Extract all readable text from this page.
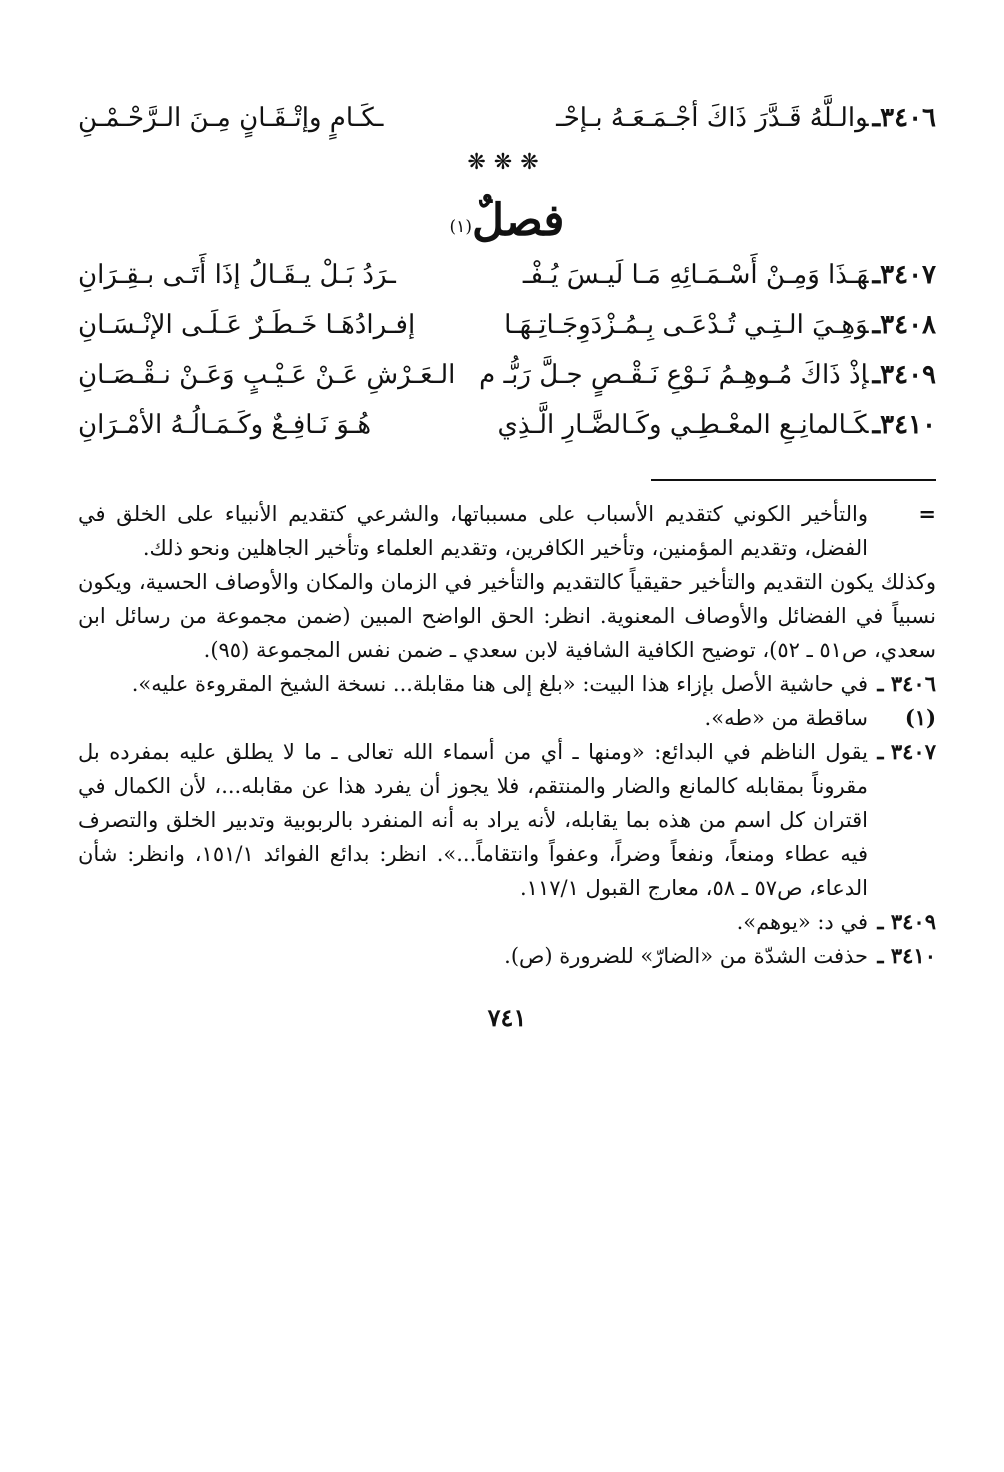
٣٤٠٦ـوالـلَّهُ قَـدَّرَ ذَاكَ أجْـمَـعَـهُ بـإحْـ
ـكَـامٍ وإتْـقَـانٍ مِـنَ الـرَّحْـمْـنِ
❋❋❋
فصلٌ$^{(١)}$
٣٤٠٧ـهَـذَا وَمِـنْ أَسْـمَـائِهِ مَـا لَيـسَ يُـفْـ
ـرَدُ بَـلْ يـقَـالُ إذَا أَتَـى بـقِـرَانِ
٣٤٠٨ـوَهِـيَ الـتِـي تُـدْعَـى بِـمُـزْدَوِجَـاتِـهَـا
إفـرادُهَـا خَـطَـرٌ عَـلَـى الإنْـسَـانِ
٣٤٠٩ـإذْ ذَاكَ مُـوهِـمُ نَـوْعِ نَـقْـصٍ جـلَّ رَبُّـ م
الـعَـرْشِ عَـنْ عَـيْـبٍ وَعَـنْ نـقْـصَـانِ
٣٤١٠ـكَـالمانِـعِ المعْـطِـي وكَـالضَّـارِ الَّـذِي
هُـوَ نَـافِـعٌ وكَـمَـالُـهُ الأمْـرَانِ
=
والتأخير الكوني كتقديم الأسباب على مسبباتها، والشرعي كتقديم الأنبياء على الخلق في الفضل، وتقديم المؤمنين، وتأخير الكافرين، وتقديم العلماء وتأخير الجاهلين ونحو ذلك.
وكذلك يكون التقديم والتأخير حقيقياً كالتقديم والتأخير في الزمان والمكان والأوصاف الحسية، ويكون نسبياً في الفضائل والأوصاف المعنوية. انظر: الحق الواضح المبين (ضمن مجموعة من رسائل ابن سعدي، ص٥١ ـ ٥٢)، توضيح الكافية الشافية لابن سعدي ـ ضمن نفس المجموعة (٩٥).
٣٤٠٦ ـ
في حاشية الأصل بإزاء هذا البيت: «بلغ إلى هنا مقابلة... نسخة الشيخ المقروءة عليه».
(١)
ساقطة من «طه».
٣٤٠٧ ـ
يقول الناظم في البدائع: «ومنها ـ أي من أسماء الله تعالى ـ ما لا يطلق عليه بمفرده بل مقروناً بمقابله كالمانع والضار والمنتقم، فلا يجوز أن يفرد هذا عن مقابله...، لأن الكمال في اقتران كل اسم من هذه بما يقابله، لأنه يراد به أنه المنفرد بالربوبية وتدبير الخلق والتصرف فيه عطاء ومنعاً، ونفعاً وضراً، وعفواً وانتقاماً...». انظر: بدائع الفوائد ١٥١/١، وانظر: شأن الدعاء، ص٥٧ ـ ٥٨، معارج القبول ١١٧/١.
٣٤٠٩ ـ
في د: «يوهم».
٣٤١٠ ـ
حذفت الشدّة من «الضارّ» للضرورة (ص).
٧٤١
